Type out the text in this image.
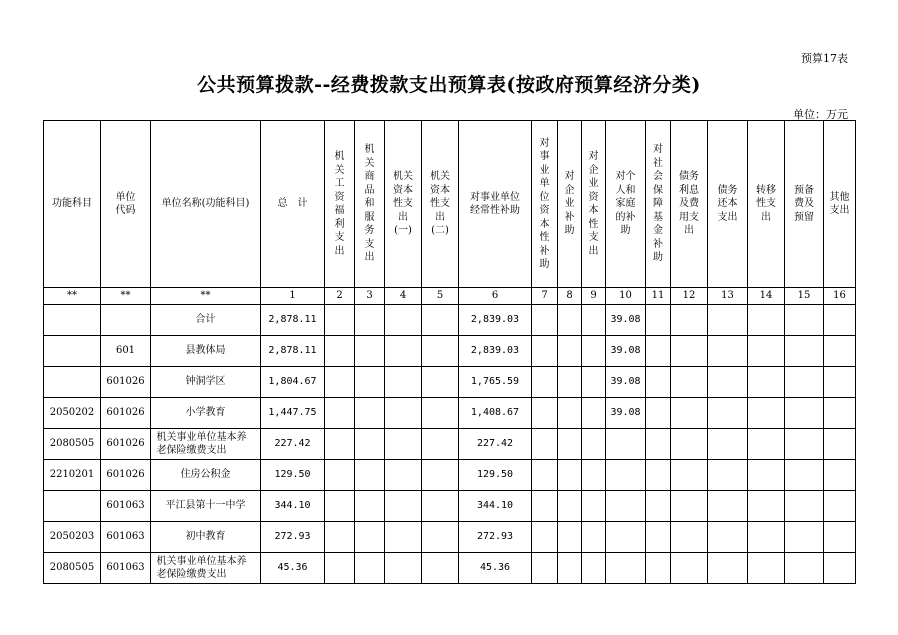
预算17表
公共预算拨款--经费拨款支出预算表(按政府预算经济分类)
单位：万元
功能科目	单位代码	单位名称(功能科目)	总　计	机关工资福利支出	机关商品和服务支出	机关资本性支出(一)	机关资本性支出(二)	对事业单位经常性补助	对事业单位资本性补助	对企业补助	对企业资本性支出	对个人和家庭的补助	对社会保障基金补助	债务利息及费用支出	债务还本支出	转移性支出	预备费及预留	其他支出
**	**	**	1	2	3	4	5	6	7	8	9	10	11	12	13	14	15	16
		合计	2,878.11					2,839.03				39.08						
	601	县教体局	2,878.11					2,839.03				39.08						
	601026	钟洞学区	1,804.67					1,765.59				39.08						
2050202	601026	小学教育	1,447.75					1,408.67				39.08						
2080505	601026	机关事业单位基本养老保险缴费支出	227.42					227.42										
2210201	601026	住房公积金	129.50					129.50										
	601063	平江县第十一中学	344.10					344.10										
2050203	601063	初中教育	272.93					272.93										
2080505	601063	机关事业单位基本养老保险缴费支出	45.36					45.36										
